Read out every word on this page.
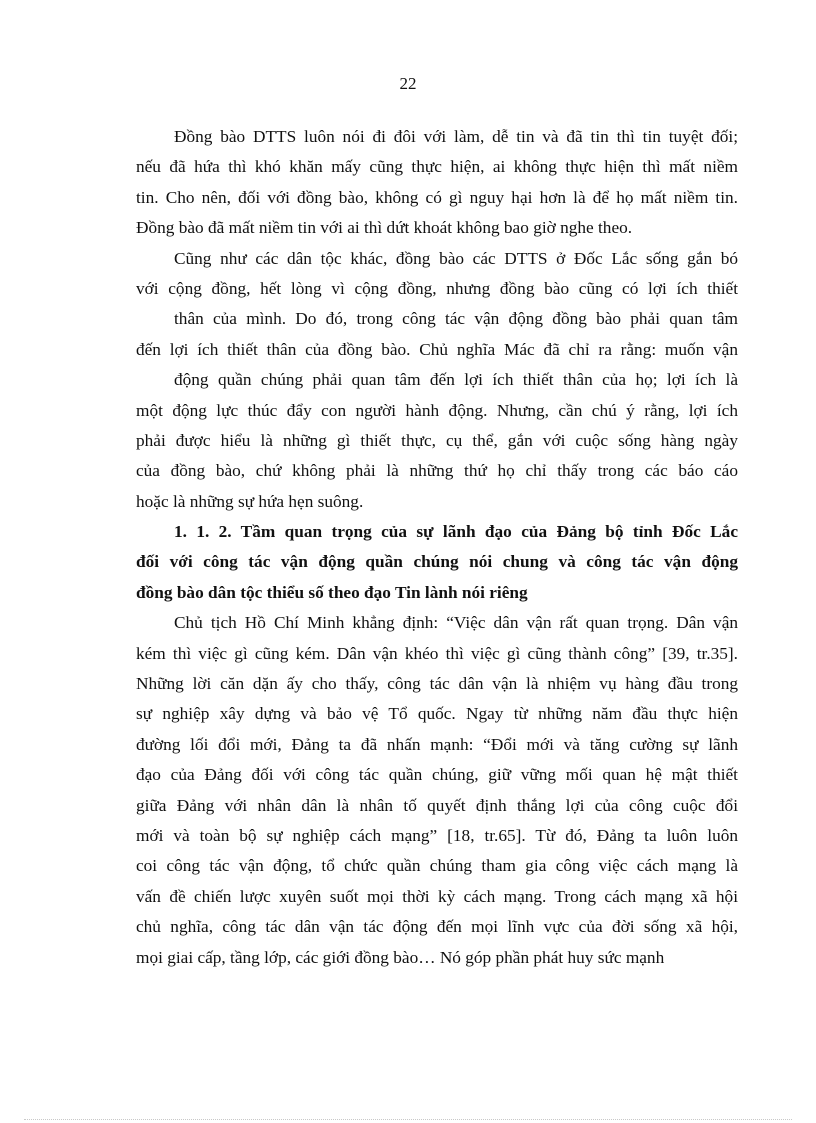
22
Đồng bào DTTS luôn nói đi đôi với làm, dễ tin và đã tin thì tin tuyệt đối;
nếu đã hứa thì khó khăn mấy cũng thực hiện, ai không thực hiện thì mất niềm
tin. Cho nên, đối với đồng bào, không có gì nguy hại hơn là để họ mất niềm tin.
Đồng bào đã mất niềm tin với ai thì dứt khoát không bao giờ nghe theo.
Cũng như các dân tộc khác, đồng bào các DTTS ở Đốc Lắc sống gắn bó
với cộng đồng, hết lòng vì cộng đồng, nhưng đồng bào cũng có lợi ích thiết
thân của mình. Do đó, trong công tác vận động đồng bào phải quan tâm
đến lợi ích thiết thân của đồng bào. Chủ nghĩa Mác đã chỉ ra rằng: muốn vận
động quần chúng phải quan tâm đến lợi ích thiết thân của họ; lợi ích là
một động lực thúc đẩy con người hành động. Nhưng, cần chú ý rằng, lợi ích
phải được hiểu là những gì thiết thực, cụ thể, gắn với cuộc sống hàng ngày
của đồng bào, chứ không phải là những thứ họ chỉ thấy trong các báo cáo
hoặc là những sự hứa hẹn suông.
1. 1. 2. Tầm quan trọng của sự lãnh đạo của Đảng bộ tỉnh Đốc Lắc
đối với công tác vận động quần chúng nói chung và công tác vận động
đồng bào dân tộc thiểu số theo đạo Tin lành nói riêng
Chủ tịch Hồ Chí Minh khẳng định: “Việc dân vận rất quan trọng. Dân vận
kém thì việc gì cũng kém. Dân vận khéo thì việc gì cũng thành công” [39, tr.35].
Những lời căn dặn ấy cho thấy, công tác dân vận là nhiệm vụ hàng đầu trong
sự nghiệp xây dựng và bảo vệ Tổ quốc. Ngay từ những năm đầu thực hiện
đường lối đổi mới, Đảng ta đã nhấn mạnh: “Đổi mới và tăng cường sự lãnh
đạo của Đảng đối với công tác quần chúng, giữ vững mối quan hệ mật thiết
giữa Đảng với nhân dân là nhân tố quyết định thắng lợi của công cuộc đổi
mới và toàn bộ sự nghiệp cách mạng” [18, tr.65]. Từ đó, Đảng ta luôn luôn
coi công tác vận động, tổ chức quần chúng tham gia công việc cách mạng là
vấn đề chiến lược xuyên suốt mọi thời kỳ cách mạng. Trong cách mạng xã hội
chủ nghĩa, công tác dân vận tác động đến mọi lĩnh vực của đời sống xã hội,
mọi giai cấp, tầng lớp, các giới đồng bào… Nó góp phần phát huy sức mạnh
